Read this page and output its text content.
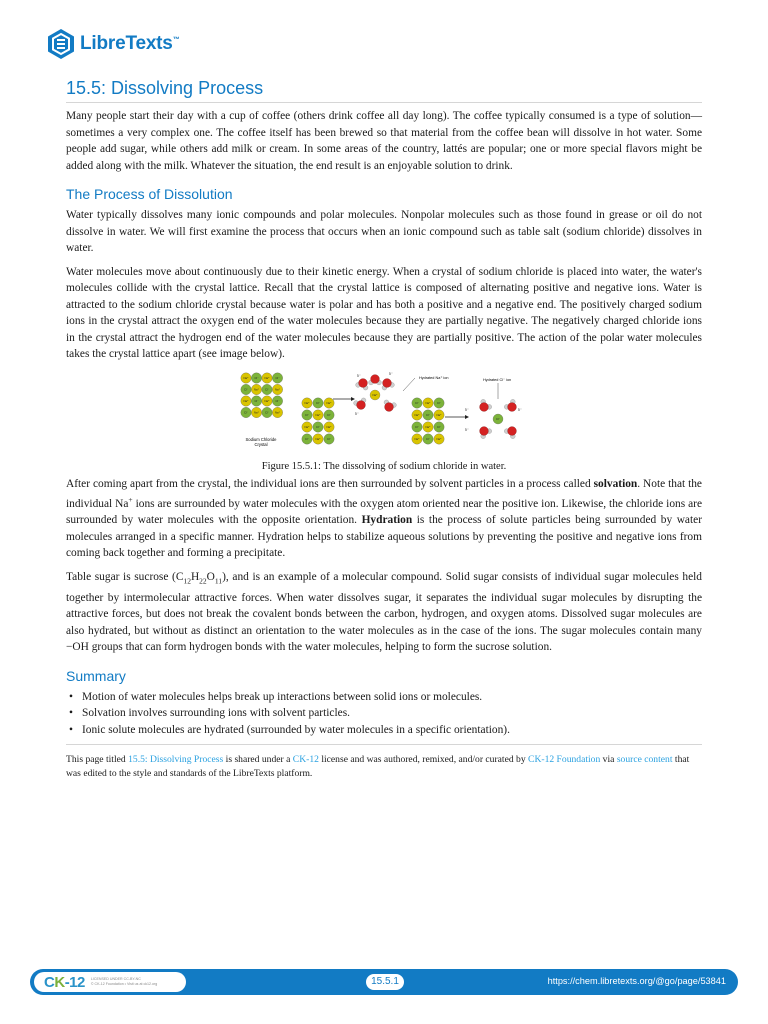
LibreTexts™
15.5: Dissolving Process

Many people start their day with a cup of coffee (others drink coffee all day long). The coffee typically consumed is a type of solution—sometimes a very complex one. The coffee itself has been brewed so that material from the coffee bean will dissolve in hot water. Some people add sugar, while others add milk or cream. In some areas of the country, lattés are popular; one or more special flavors might be added along with the milk. Whatever the situation, the end result is an enjoyable solution to drink.

The Process of Dissolution

Water typically dissolves many ionic compounds and polar molecules. Nonpolar molecules such as those found in grease or oil do not dissolve in water. We will first examine the process that occurs when an ionic compound such as table salt (sodium chloride) dissolves in water.

Water molecules move about continuously due to their kinetic energy. When a crystal of sodium chloride is placed into water, the water's molecules collide with the crystal lattice. Recall that the crystal lattice is composed of alternating positive and negative ions. Water is attracted to the sodium chloride crystal because water is polar and has both a positive and a negative end. The positively charged sodium ions in the crystal attract the oxygen end of the water molecules because they are partially negative. The negatively charged chloride ions in the crystal attract the hydrogen end of the water molecules because they are partially positive. The action of the polar water molecules takes the crystal lattice apart (see image below).

Na⁺ Cl⁻ Na⁺ Cl⁻
Cl⁻ Na⁺ Cl⁻ Na⁺
Na⁺ Cl⁻ Na⁺ Cl⁻
Cl⁻ Na⁺ Cl⁻ Na⁺
Sodium Chloride
Crystal
Na⁺ Cl⁻ Na⁺
Cl⁻ Na⁺ Cl⁻
Na⁺ Cl⁻ Na⁺
Cl⁻ Na⁺ Cl⁻
Cl⁻ Na⁺ Cl⁻
Na⁺ Cl⁻ Na⁺
Cl⁻ Na⁺ Cl⁻
Na⁺ Cl⁻ Na⁺
Na⁺
Cl⁻
Hydrated Na⁺ ion	Hydrated Cl⁻ ion
δ⁻	δ⁻
δ⁻
δ⁻	δ⁻
δ⁻
Figure 15.5.1: The dissolving of sodium chloride in water.

After coming apart from the crystal, the individual ions are then surrounded by solvent particles in a process called solvation. Note that the individual Na+ ions are surrounded by water molecules with the oxygen atom oriented near the positive ion. Likewise, the chloride ions are surrounded by water molecules with the opposite orientation. Hydration is the process of solute particles being surrounded by water molecules arranged in a specific manner. Hydration helps to stabilize aqueous solutions by preventing the positive and negative ions from coming back together and forming a precipitate.

Table sugar is sucrose $(C_{12}H_{22}O_{11})$, and is an example of a molecular compound. Solid sugar consists of individual sugar molecules held together by intermolecular attractive forces. When water dissolves sugar, it separates the individual sugar molecules by disrupting the attractive forces, but does not break the covalent bonds between the carbon, hydrogen, and oxygen atoms. Dissolved sugar molecules are also hydrated, but without as distinct an orientation to the water molecules as in the case of the ions. The sugar molecules contain many −OH groups that can form hydrogen bonds with the water molecules, helping to form the sucrose solution.

Summary
• Motion of water molecules helps break up interactions between solid ions or molecules.
• Solvation involves surrounding ions with solvent particles.
• Ionic solute molecules are hydrated (surrounded by water molecules in a specific orientation).
This page titled 15.5: Dissolving Process is shared under a CK-12 license and was authored, remixed, and/or curated by CK-12 Foundation via source content that was edited to the style and standards of the LibreTexts platform.
CK-12 LICENSED UNDER CC-BY-NC
© CK-12 Foundation • Visit us at ck12.org	15.5.1	https://chem.libretexts.org/@go/page/53841
